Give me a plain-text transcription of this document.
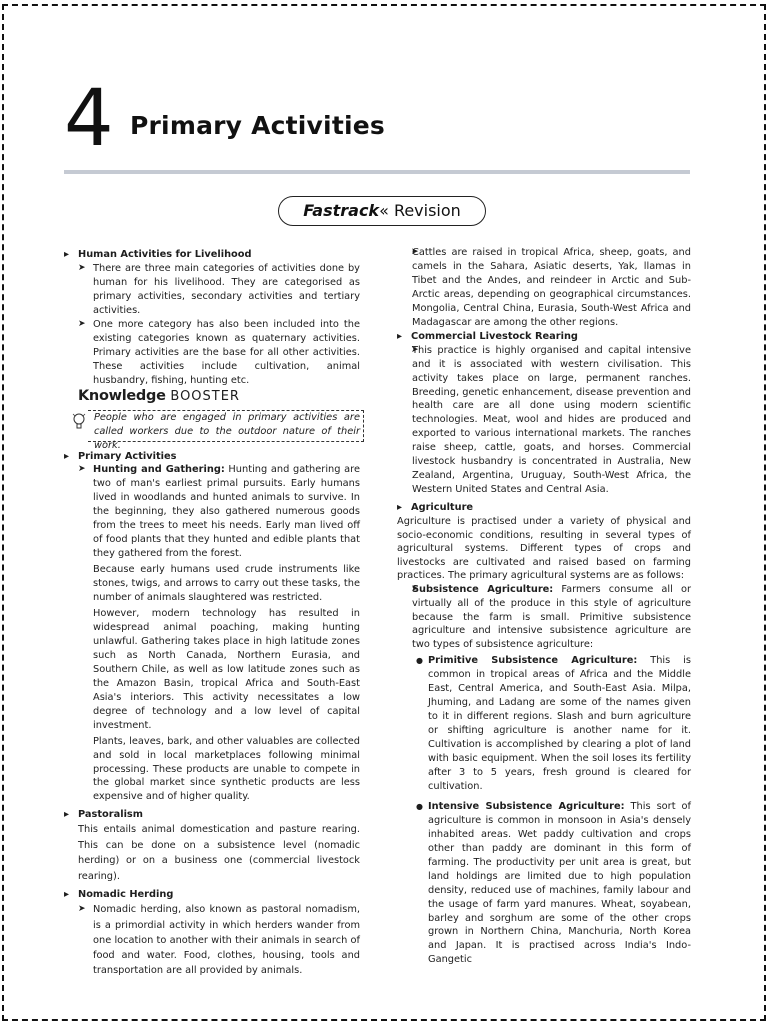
4 Primary Activities
Fastrack« Revision
▸ Human Activities for Livelihood
➤ There are three main categories of activities done by human for his livelihood. They are categorised as primary activities, secondary activities and tertiary activities.
➤ One more category has also been included into the existing categories known as quaternary activities. Primary activities are the base for all other activities. These activities include cultivation, animal husbandry, fishing, hunting etc.
Knowledge BOOSTER
People who are engaged in primary activities are called workers due to the outdoor nature of their work.
▸ Primary Activities
➤ Hunting and Gathering: Hunting and gathering are two of man's earliest primal pursuits. Early humans lived in woodlands and hunted animals to survive. In the beginning, they also gathered numerous goods from the trees to meet his needs. Early man lived off of food plants that they hunted and edible plants that they gathered from the forest.
Because early humans used crude instruments like stones, twigs, and arrows to carry out these tasks, the number of animals slaughtered was restricted.
However, modern technology has resulted in widespread animal poaching, making hunting unlawful. Gathering takes place in high latitude zones such as North Canada, Northern Eurasia, and Southern Chile, as well as low latitude zones such as the Amazon Basin, tropical Africa and South-East Asia's interiors. This activity necessitates a low degree of technology and a low level of capital investment.
Plants, leaves, bark, and other valuables are collected and sold in local marketplaces following minimal processing. These products are unable to compete in the global market since synthetic products are less expensive and of higher quality.
▸ Pastoralism
This entails animal domestication and pasture rearing. This can be done on a subsistence level (nomadic herding) or on a business one (commercial livestock rearing).
▸ Nomadic Herding
➤ Nomadic herding, also known as pastoral nomadism, is a primordial activity in which herders wander from one location to another with their animals in search of food and water. Food, clothes, housing, tools and transportation are all provided by animals.
➤ Cattles are raised in tropical Africa, sheep, goats, and camels in the Sahara, Asiatic deserts, Yak, llamas in Tibet and the Andes, and reindeer in Arctic and Sub-Arctic areas, depending on geographical circumstances. Mongolia, Central China, Eurasia, South-West Africa and Madagascar are among the other regions.
▸ Commercial Livestock Rearing
➤ This practice is highly organised and capital intensive and it is associated with western civilisation. This activity takes place on large, permanent ranches. Breeding, genetic enhancement, disease prevention and health care are all done using modern scientific technologies. Meat, wool and hides are produced and exported to various international markets. The ranches raise sheep, cattle, goats, and horses. Commercial livestock husbandry is concentrated in Australia, New Zealand, Argentina, Uruguay, South-West Africa, the Western United States and Central Asia.
▸ Agriculture
Agriculture is practised under a variety of physical and socio-economic conditions, resulting in several types of agricultural systems. Different types of crops and livestocks are cultivated and raised based on farming practices. The primary agricultural systems are as follows:
➤ Subsistence Agriculture: Farmers consume all or virtually all of the produce in this style of agriculture because the farm is small. Primitive subsistence agriculture and intensive subsistence agriculture are two types of subsistence agriculture:
● Primitive Subsistence Agriculture: This is common in tropical areas of Africa and the Middle East, Central America, and South-East Asia. Milpa, Jhuming, and Ladang are some of the names given to it in different regions. Slash and burn agriculture or shifting agriculture is another name for it. Cultivation is accomplished by clearing a plot of land with basic equipment. When the soil loses its fertility after 3 to 5 years, fresh ground is cleared for cultivation.
● Intensive Subsistence Agriculture: This sort of agriculture is common in monsoon in Asia's densely inhabited areas. Wet paddy cultivation and crops other than paddy are dominant in this form of farming. The productivity per unit area is great, but land holdings are limited due to high population density, reduced use of machines, family labour and the usage of farm yard manures. Wheat, soyabean, barley and sorghum are some of the other crops grown in Northern China, Manchuria, North Korea and Japan. It is practised across India's Indo-Gangetic
